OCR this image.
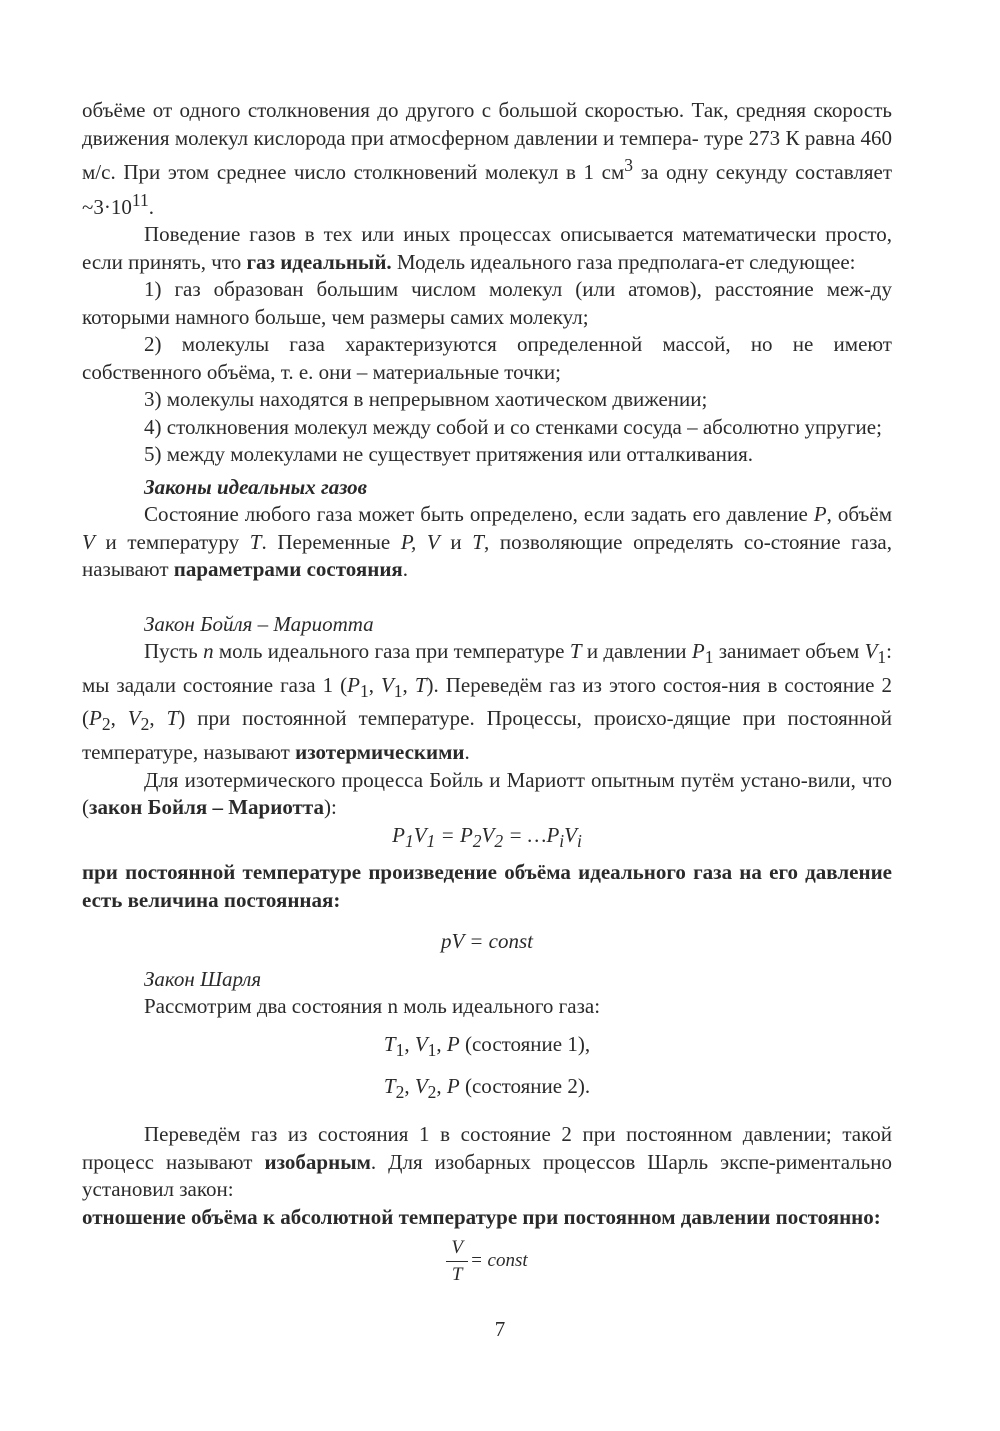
объёме от одного столкновения до другого с большой скоростью. Так, средняя скорость движения молекул кислорода при атмосферном давлении и темпера- туре 273 К равна 460 м/с. При этом среднее число столкновений молекул в 1 $см^3$ за одну секунду составляет $\sim 3\cdot 10^{11}$.

Поведение газов в тех или иных процессах описывается математически просто, если принять, что газ идеальный. Модель идеального газа предполага-ет следующее:

1) газ образован большим числом молекул (или атомов), расстояние меж-ду которыми намного больше, чем размеры самих молекул;

2) молекулы газа характеризуются определенной массой, но не имеют собственного объёма, т. е. они – материальные точки;

3) молекулы находятся в непрерывном хаотическом движении;

4) столкновения молекул между собой и со стенками сосуда – абсолютно упругие;

5) между молекулами не существует притяжения или отталкивания.

Законы идеальных газов

Состояние любого газа может быть определено, если задать его давление P, объём V и температуру T. Переменные P, V и T, позволяющие определять со-стояние газа, называют параметрами состояния.

Закон Бойля – Мариотта

Пусть n моль идеального газа при температуре T и давлении $P_1$ занимает объем $V_1$: мы задали состояние газа 1 ($P_1$, $V_1$, T). Переведём газ из этого состоя-ния в состояние 2 ($P_2$, $V_2$, T) при постоянной температуре. Процессы, происхо-дящие при постоянной температуре, называют изотермическими.

Для изотермического процесса Бойль и Мариотт опытным путём устано-вили, что (закон Бойля – Мариотта):

$P_1V_1 = P_2V_2$ = $\dots P_iV_i$

при постоянной температуре произведение объёма идеального газа на его давление есть величина постоянная:

pV = const

Закон Шарля

Рассмотрим два состояния n моль идеального газа:

$T_1$, $V_1$, P (состояние 1),

$T_2$, $V_2$, P (состояние 2).

Переведём газ из состояния 1 в состояние 2 при постоянном давлении; такой процесс называют изобарным. Для изобарных процессов Шарль экспе-риментально установил закон:

отношение объёма к абсолютной температуре при постоянном давлении постоянно:

$\frac{V}{T}$ = const

7
